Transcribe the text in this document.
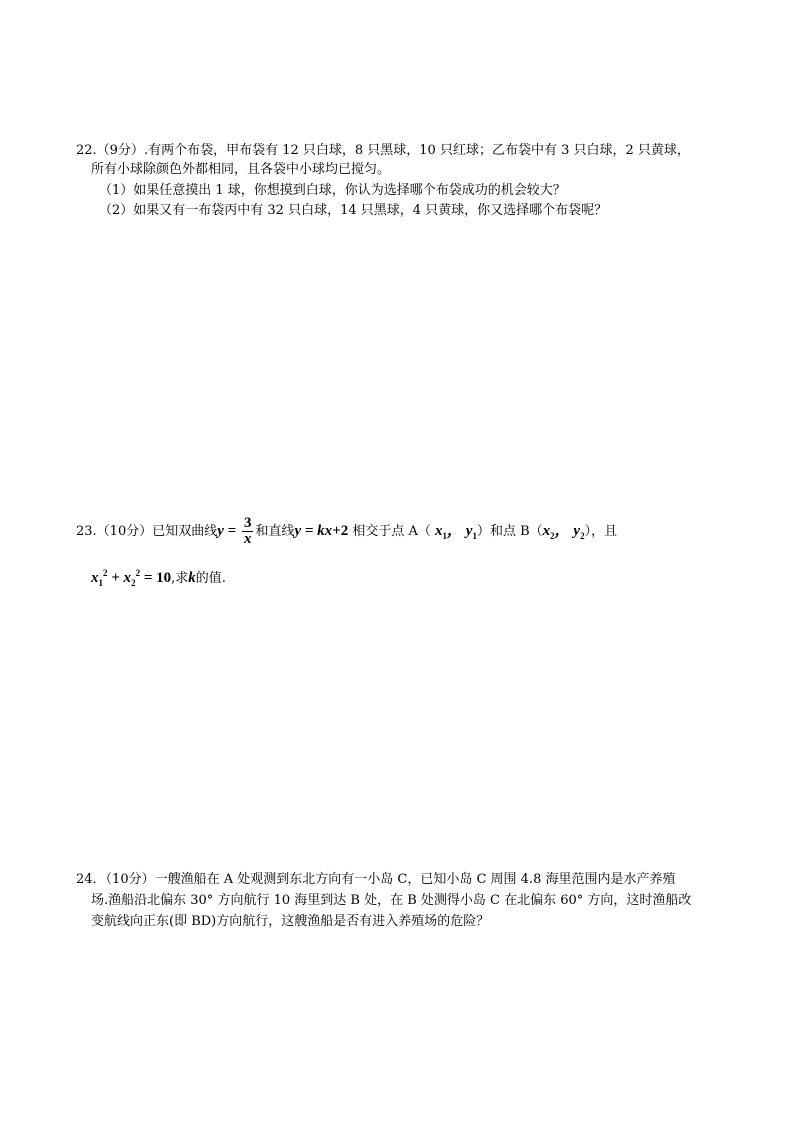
22.（9分）.有两个布袋，甲布袋有 12 只白球，8 只黑球，10 只红球；乙布袋中有 3 只白球，2 只黄球，
所有小球除颜色外都相同，且各袋中小球均已搅匀。
（1）如果任意摸出 1 球，你想摸到白球，你认为选择哪个布袋成功的机会较大？
（2）如果又有一布袋丙中有 32 只白球，14 只黑球，4 只黄球，你又选择哪个布袋呢？
23.（10分）已知双曲线$y = \frac{3}{x}$ 和直线y = kx+2 相交于点 A（ $x_1$， $y_1$）和点 $B(x_2$， $y_2$），且
$x_1^2 + x_2^2 = 10$,求k的值.
24．（10分）一艘渔船在 A 处观测到东北方向有一小岛 C，已知小岛 C 周围 4.8 海里范围内是水产养殖
场.渔船沿北偏东 30° 方向航行 10 海里到达 B 处，在 B 处测得小岛 C 在北偏东 60° 方向，这时渔船改
变航线向正东(即 BD)方向航行，这艘渔船是否有进入养殖场的危险？
